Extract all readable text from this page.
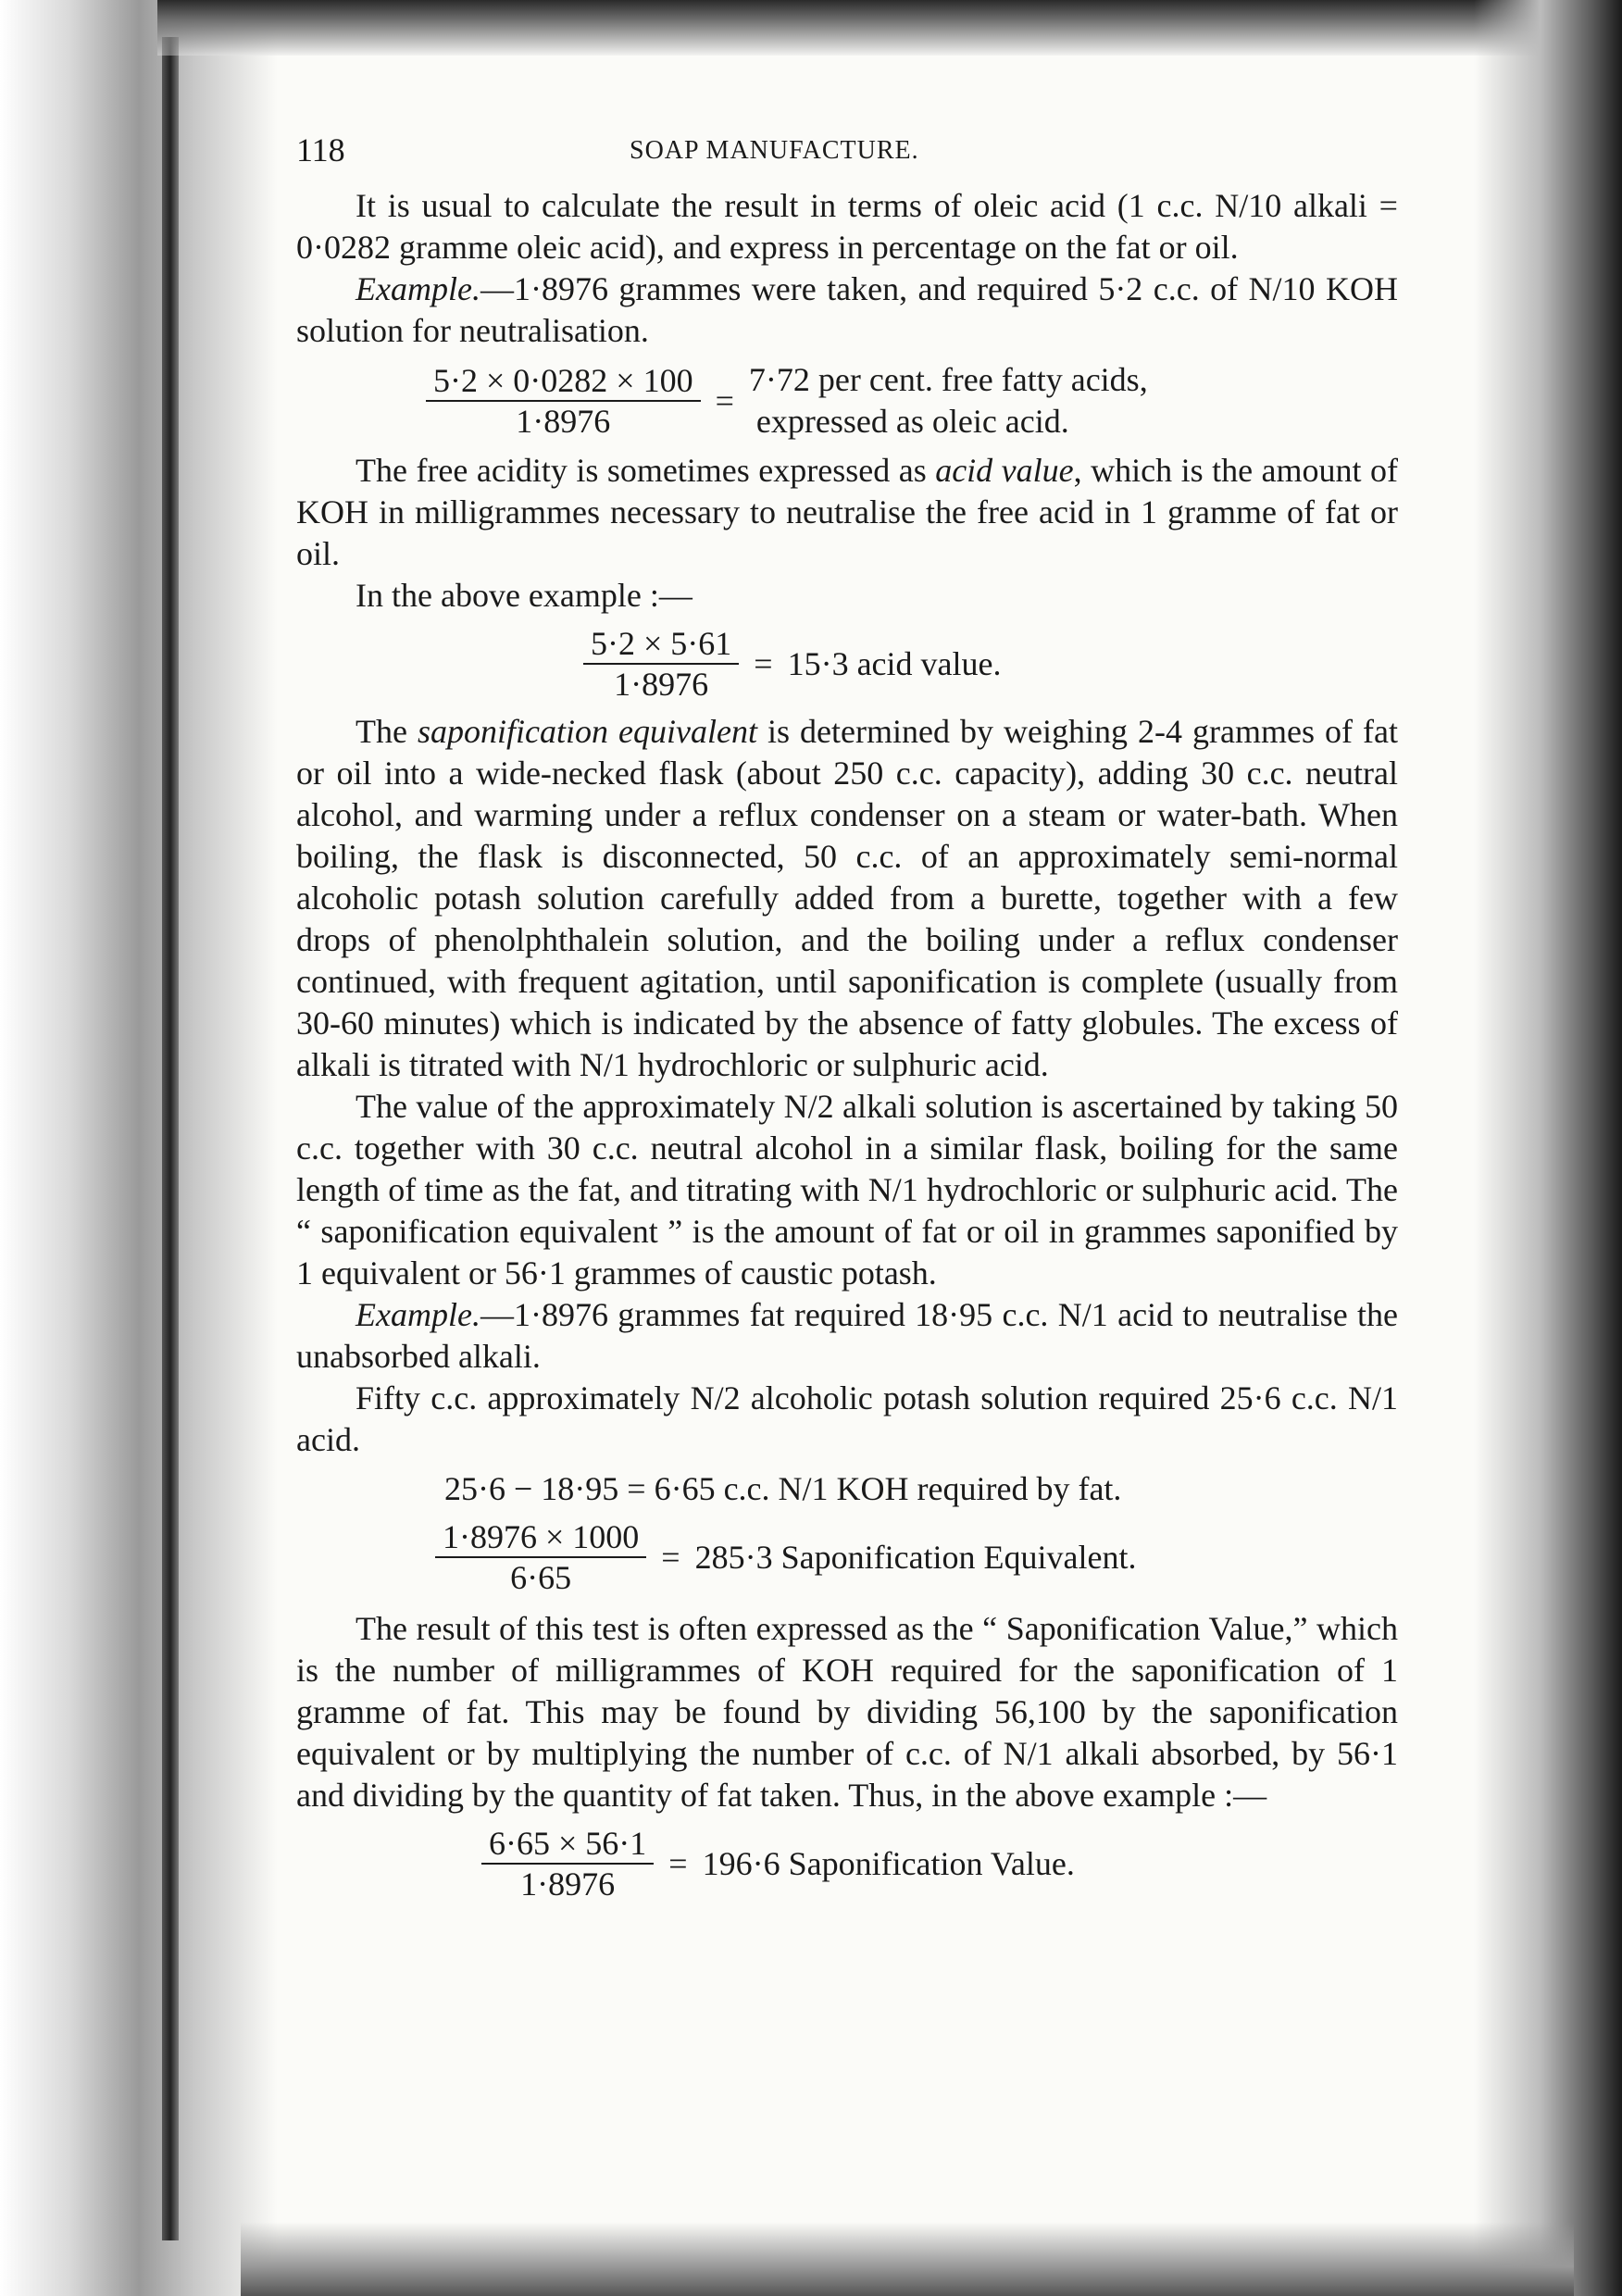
118	SOAP MANUFACTURE.

It is usual to calculate the result in terms of oleic acid (1 c.c. N/10 alkali = 0·0282 gramme oleic acid), and express in percentage on the fat or oil.

Example.—1·8976 grammes were taken, and required 5·2 c.c. of N/10 KOH solution for neutralisation.

$\frac{5\cdot 2 \times 0\cdot 0282 \times 100}{1\cdot 8976}$ =
7·72 per cent. free fatty acids,
expressed as oleic acid.

The free acidity is sometimes expressed as acid value, which is the amount of KOH in milligrammes necessary to neutralise the free acid in 1 gramme of fat or oil.

In the above example :—

$\frac{5\cdot 2 \times 5\cdot 61}{1\cdot 8976} = 15\cdot 3$ acid value.

The saponification equivalent is determined by weighing 2-4 grammes of fat or oil into a wide-necked flask (about 250 c.c. capacity), adding 30 c.c. neutral alcohol, and warming under a reflux condenser on a steam or water-bath. When boiling, the flask is disconnected, 50 c.c. of an approximately semi-normal alcoholic potash solution carefully added from a burette, together with a few drops of phenolphthalein solution, and the boiling under a reflux condenser continued, with frequent agitation, until saponification is complete (usually from 30-60 minutes) which is indicated by the absence of fatty globules. The excess of alkali is titrated with N/1 hydrochloric or sulphuric acid.

The value of the approximately N/2 alkali solution is ascertained by taking 50 c.c. together with 30 c.c. neutral alcohol in a similar flask, boiling for the same length of time as the fat, and titrating with N/1 hydrochloric or sulphuric acid. The “ saponification equivalent ” is the amount of fat or oil in grammes saponified by 1 equivalent or 56·1 grammes of caustic potash.

Example.—1·8976 grammes fat required 18·95 c.c. N/1 acid to neutralise the unabsorbed alkali.

Fifty c.c. approximately N/2 alcoholic potash solution required 25·6 c.c. N/1 acid.

25·6 − 18·95 = 6·65 c.c. N/1 KOH required by fat.
$\frac{1\cdot 8976 \times 1000}{6\cdot 65} = 285\cdot 3$ Saponification Equivalent.

The result of this test is often expressed as the “ Saponification Value,” which is the number of milligrammes of KOH required for the saponification of 1 gramme of fat. This may be found by dividing 56,100 by the saponification equivalent or by multiplying the number of c.c. of N/1 alkali absorbed, by 56·1 and dividing by the quantity of fat taken. Thus, in the above example :—

$\frac{6\cdot 65 \times 56\cdot 1}{1\cdot 8976} = 196\cdot 6$ Saponification Value.
